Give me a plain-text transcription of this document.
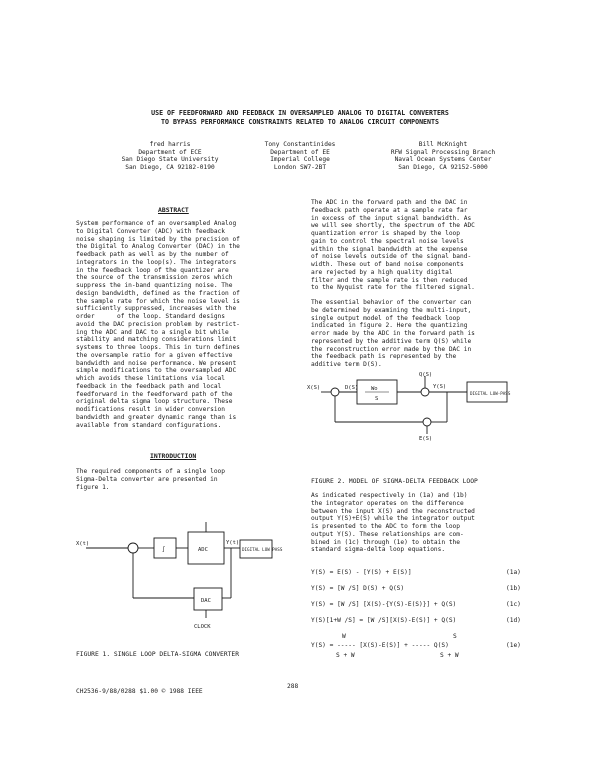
USE OF FEEDFORWARD AND FEEDBACK IN OVERSAMPLED ANALOG TO DIGITAL CONVERTERS
TO BYPASS PERFORMANCE CONSTRAINTS RELATED TO ANALOG CIRCUIT COMPONENTS
fred harris
Department of ECE
San Diego State University
San Diego, CA 92182-0190
Tony Constantinides
Department of EE
Imperial College
London SW7-2BT
Bill McKnight
RFW Signal Processing Branch
Naval Ocean Systems Center
San Diego, CA 92152-5000
ABSTRACT
System performance of an oversampled Analog
to Digital Converter (ADC) with feedback
noise shaping is limited by the precision of
the Digital to Analog Converter (DAC) in the
feedback path as well as by the number of
integrators in the loop(s). The integrators
in the feedback loop of the quantizer are
the source of the transmission zeros which
suppress the in-band quantizing noise. The
design bandwidth, defined as the fraction of
the sample rate for which the noise level is
sufficiently suppressed, increases with the
order      of the loop. Standard designs
avoid the DAC precision problem by restrict-
ing the ADC and DAC to a single bit while
stability and matching considerations limit
systems to three loops. This in turn defines
the oversample ratio for a given effective
bandwidth and noise performance. We present
simple modifications to the oversampled ADC
which avoids these limitations via local
feedback in the feedback path and local
feedforward in the feedforward path of the
original delta sigma loop structure. These
modifications result in wider conversion
bandwidth and greater dynamic range than is
available from standard configurations.
INTRODUCTION
The required components of a single loop
Sigma-Delta converter are presented in
figure 1.
X(t)
∫	ADC	DIGITAL LOW PASS
DAC
CLOCK
Y(t)
FIGURE 1. SINGLE LOOP DELTA-SIGMA CONVERTER
The ADC in the forward path and the DAC in
feedback path operate at a sample rate far
in excess of the input signal bandwidth. As
we will see shortly, the spectrum of the ADC
quantization error is shaped by the loop
gain to control the spectral noise levels
within the signal bandwidth at the expense
of noise levels outside of the signal band-
width. These out of band noise components
are rejected by a high quality digital
filter and the sample rate is then reduced
to the Nyquist rate for the filtered signal.
The essential behavior of the converter can
be determined by examining the multi-input,
single output model of the feedback loop
indicated in figure 2. Here the quantizing
error made by the ADC in the forward path is
represented by the additive term Q(S) while
the reconstruction error made by the DAC in
the feedback path is represented by the
additive term D(S).
X(S)	Wo
S
Q(S)
Y(S)
DIGITAL LOW-PASS
E(S)
D(S)
FIGURE 2. MODEL OF SIGMA-DELTA FEEDBACK LOOP
As indicated respectively in (1a) and (1b)
the integrator operates on the difference
between the input X(S) and the reconstructed
output Y(S)+E(S) while the integrator output
is presented to the ADC to form the loop
output Y(S). These relationships are com-
bined in (1c) through (1e) to obtain the
standard sigma-delta loop equations.
Y(S) = E(S) - [Y(S) + E(S)]	(1a)
Y(S) = [W /S] D(S) + Q(S)	(1b)
Y(S) = [W /S] [X(S)-{Y(S)-E(S)}] + Q(S)	(1c)
Y(S)[1+W /S] = [W /S][X(S)-E(S)] + Q(S)	(1d)
W	S
Y(S) = ----- [X(S)-E(S)] + ----- Q(S)	(1e)
S + W	S + W
CH2536-9/88/0288 $1.00 © 1988 IEEE
288
